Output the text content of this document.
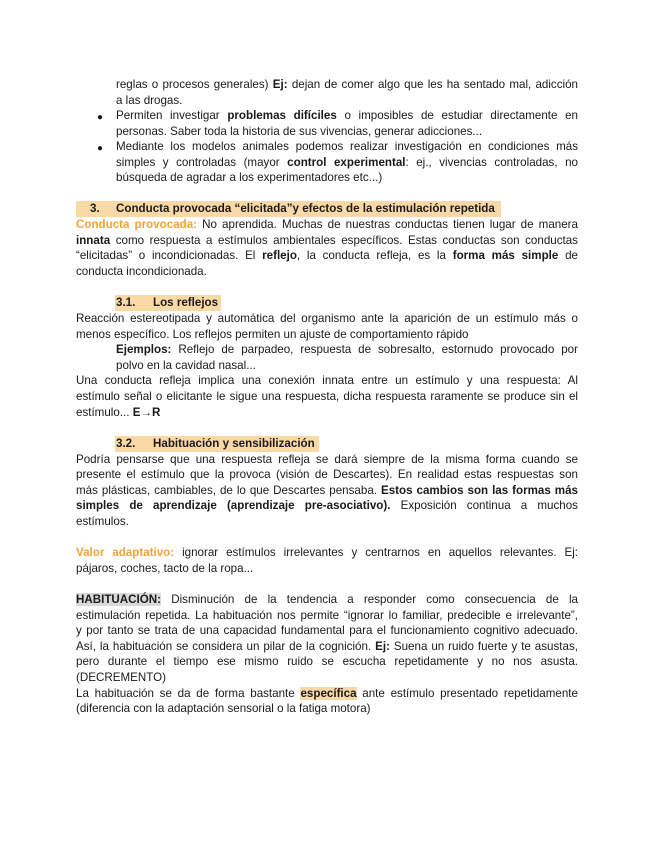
reglas o procesos generales) Ej: dejan de comer algo que les ha sentado mal, adicción
a las drogas.
● Permiten investigar problemas difíciles o imposibles de estudiar directamente en
personas. Saber toda la historia de sus vivencias, generar adicciones...
● Mediante los modelos animales podemos realizar investigación en condiciones más
simples y controladas (mayor control experimental: ej., vivencias controladas, no
búsqueda de agradar a los experimentadores etc...)
3. Conducta provocada “elicitada”y efectos de la estimulación repetida
Conducta provocada: No aprendida. Muchas de nuestras conductas tienen lugar de manera
innata como respuesta a estímulos ambientales específicos. Estas conductas son conductas
“elicitadas” o incondicionadas. El reflejo, la conducta refleja, es la forma más simple de
conducta incondicionada.
3.1. Los reflejos
Reacción estereotipada y automática del organismo ante la aparición de un estímulo más o
menos específico. Los reflejos permiten un ajuste de comportamiento rápido
Ejemplos: Reflejo de parpadeo, respuesta de sobresalto, estornudo provocado por
polvo en la cavidad nasal...
Una conducta refleja implica una conexión innata entre un estímulo y una respuesta: Al
estímulo señal o elicitante le sigue una respuesta, dicha respuesta raramente se produce sin el
estímulo... E→R
3.2. Habituación y sensibilización
Podría pensarse que una respuesta refleja se dará siempre de la misma forma cuando se
presente el estímulo que la provoca (visión de Descartes). En realidad estas respuestas son
más plásticas, cambiables, de lo que Descartes pensaba. Estos cambios son las formas más
simples de aprendizaje (aprendizaje pre-asociativo). Exposición continua a muchos
estímulos.
Valor adaptativo: ignorar estímulos irrelevantes y centrarnos en aquellos relevantes. Ej:
pájaros, coches, tacto de la ropa...
HABITUACIÓN: Disminución de la tendencia a responder como consecuencia de la
estimulación repetida. La habituación nos permite “ignorar lo familiar, predecible e irrelevante”,
y por tanto se trata de una capacidad fundamental para el funcionamiento cognitivo adecuado.
Así, la habituación se considera un pilar de la cognición. Ej: Suena un ruido fuerte y te asustas,
pero durante el tiempo ese mismo ruido se escucha repetidamente y no nos asusta.
(DECREMENTO)
La habituación se da de forma bastante específica ante estímulo presentado repetidamente
(diferencia con la adaptación sensorial o la fatiga motora)
